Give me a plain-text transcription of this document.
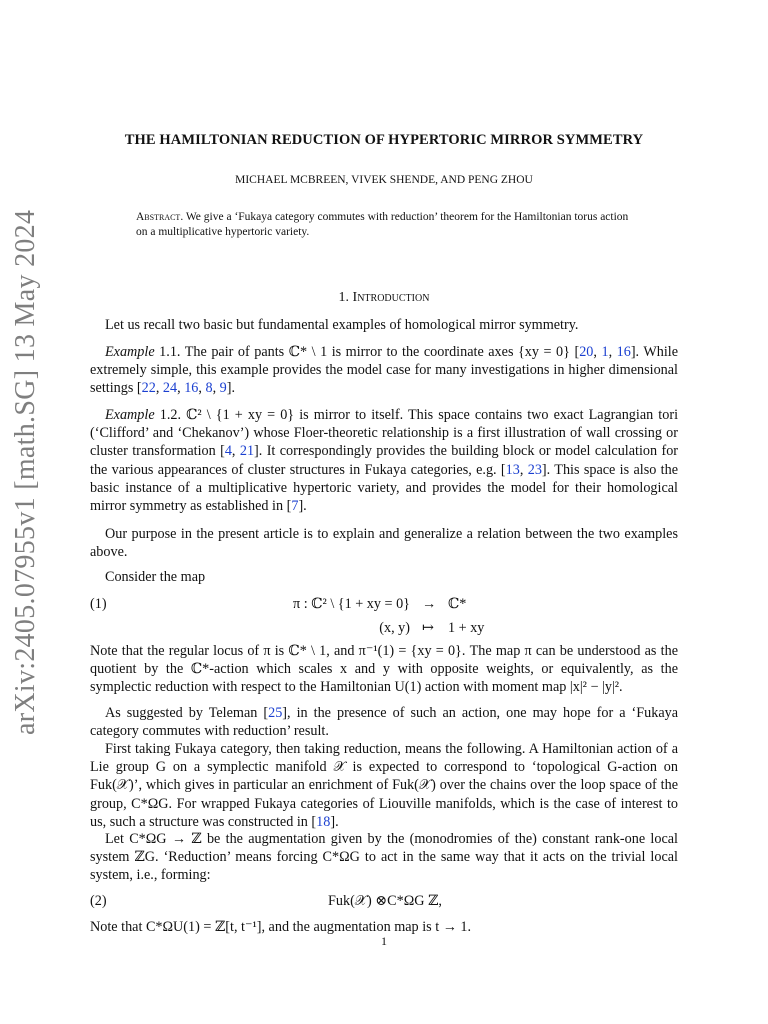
arXiv:2405.07955v1 [math.SG] 13 May 2024
THE HAMILTONIAN REDUCTION OF HYPERTORIC MIRROR SYMMETRY
MICHAEL MCBREEN, VIVEK SHENDE, AND PENG ZHOU
Abstract. We give a ‘Fukaya category commutes with reduction’ theorem for the Hamiltonian torus action on a multiplicative hypertoric variety.
1. Introduction

Let us recall two basic but fundamental examples of homological mirror symmetry.

Example 1.1. The pair of pants ℂ* \ 1 is mirror to the coordinate axes {xy = 0} [20, 1, 16]. While extremely simple, this example provides the model case for many investigations in higher dimensional settings [22, 24, 16, 8, 9].

Example 1.2. ℂ² \ {1 + xy = 0} is mirror to itself. This space contains two exact Lagrangian tori (‘Clifford’ and ‘Chekanov’) whose Floer-theoretic relationship is a first illustration of wall crossing or cluster transformation [4, 21]. It correspondingly provides the building block or model calculation for the various appearances of cluster structures in Fukaya categories, e.g. [13, 23]. This space is also the basic instance of a multiplicative hypertoric variety, and provides the model for their homological mirror symmetry as established in [7].

Our purpose in the present article is to explain and generalize a relation between the two examples above.

Consider the map

(1)	π : ℂ² \ {1 + xy = 0} → ℂ*
(x, y) ↦ 1 + xy

Note that the regular locus of π is ℂ* \ 1, and π⁻¹(1) = {xy = 0}. The map π can be understood as the quotient by the ℂ*-action which scales x and y with opposite weights, or equivalently, as the symplectic reduction with respect to the Hamiltonian U(1) action with moment map |x|² − |y|².

As suggested by Teleman [25], in the presence of such an action, one may hope for a ‘Fukaya category commutes with reduction’ result.

First taking Fukaya category, then taking reduction, means the following. A Hamiltonian action of a Lie group G on a symplectic manifold 𝒳 is expected to correspond to ‘topological G-action on Fuk(𝒳)’, which gives in particular an enrichment of Fuk(𝒳) over the chains over the loop space of the group, C*ΩG. For wrapped Fukaya categories of Liouville manifolds, which is the case of interest to us, such a structure was constructed in [18].

Let C*ΩG → ℤ be the augmentation given by the (monodromies of the) constant rank-one local system ℤG. ‘Reduction’ means forcing C*ΩG to act in the same way that it acts on the trivial local system, i.e., forming:

(2)	Fuk(𝒳) ⊗C*ΩG ℤ,

Note that C*ΩU(1) = ℤ[t, t⁻¹], and the augmentation map is t → 1.

1
